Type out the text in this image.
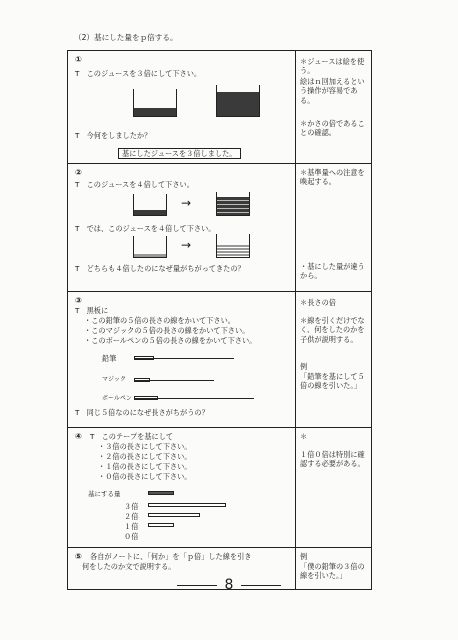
（2）基にした量をｐ倍する。
①
T　このジュースを３倍にして下さい。
T　今何をしましたか？
基にしたジュースを３倍しました。
＊ジュースは絵を使う。
絵はｎ回加えるという操作が容易である。
＊かさの倍であることの確認。
②
T　このジュースを４倍して下さい。
→
T　では、このジュースを４倍して下さい。
→
T　どちらも４倍したのになぜ量がちがってきたの？
＊基準量への注意を喚起する。
・基にした量が違うから。
③
T　黒板に
・この鉛筆の５倍の長さの線をかいて下さい。
・このマジックの５倍の長さの線をかいて下さい。
・このボールペンの５倍の長さの線をかいて下さい。
鉛筆
マジック
ボールペン
T　同じ５倍なのになぜ長さがちがうの？
＊長さの倍
＊線を引くだけでなく、何をしたのかを子供が説明する。
例
「鉛筆を基にして５倍の線を引いた。」
④ T　このテープを基にして
・３倍の長さにして下さい。
・２倍の長さにして下さい。
・１倍の長さにして下さい。
・０倍の長さにして下さい。
基にする量
３倍
２倍
１倍
０倍
＊
１倍０倍は特別に確認する必要がある。
⑤ 各自がノートに、「何か」を「ｐ倍」した線を引き
何をしたのか文で説明する。
例
「僕の鉛筆の３倍の線を引いた。」
8
